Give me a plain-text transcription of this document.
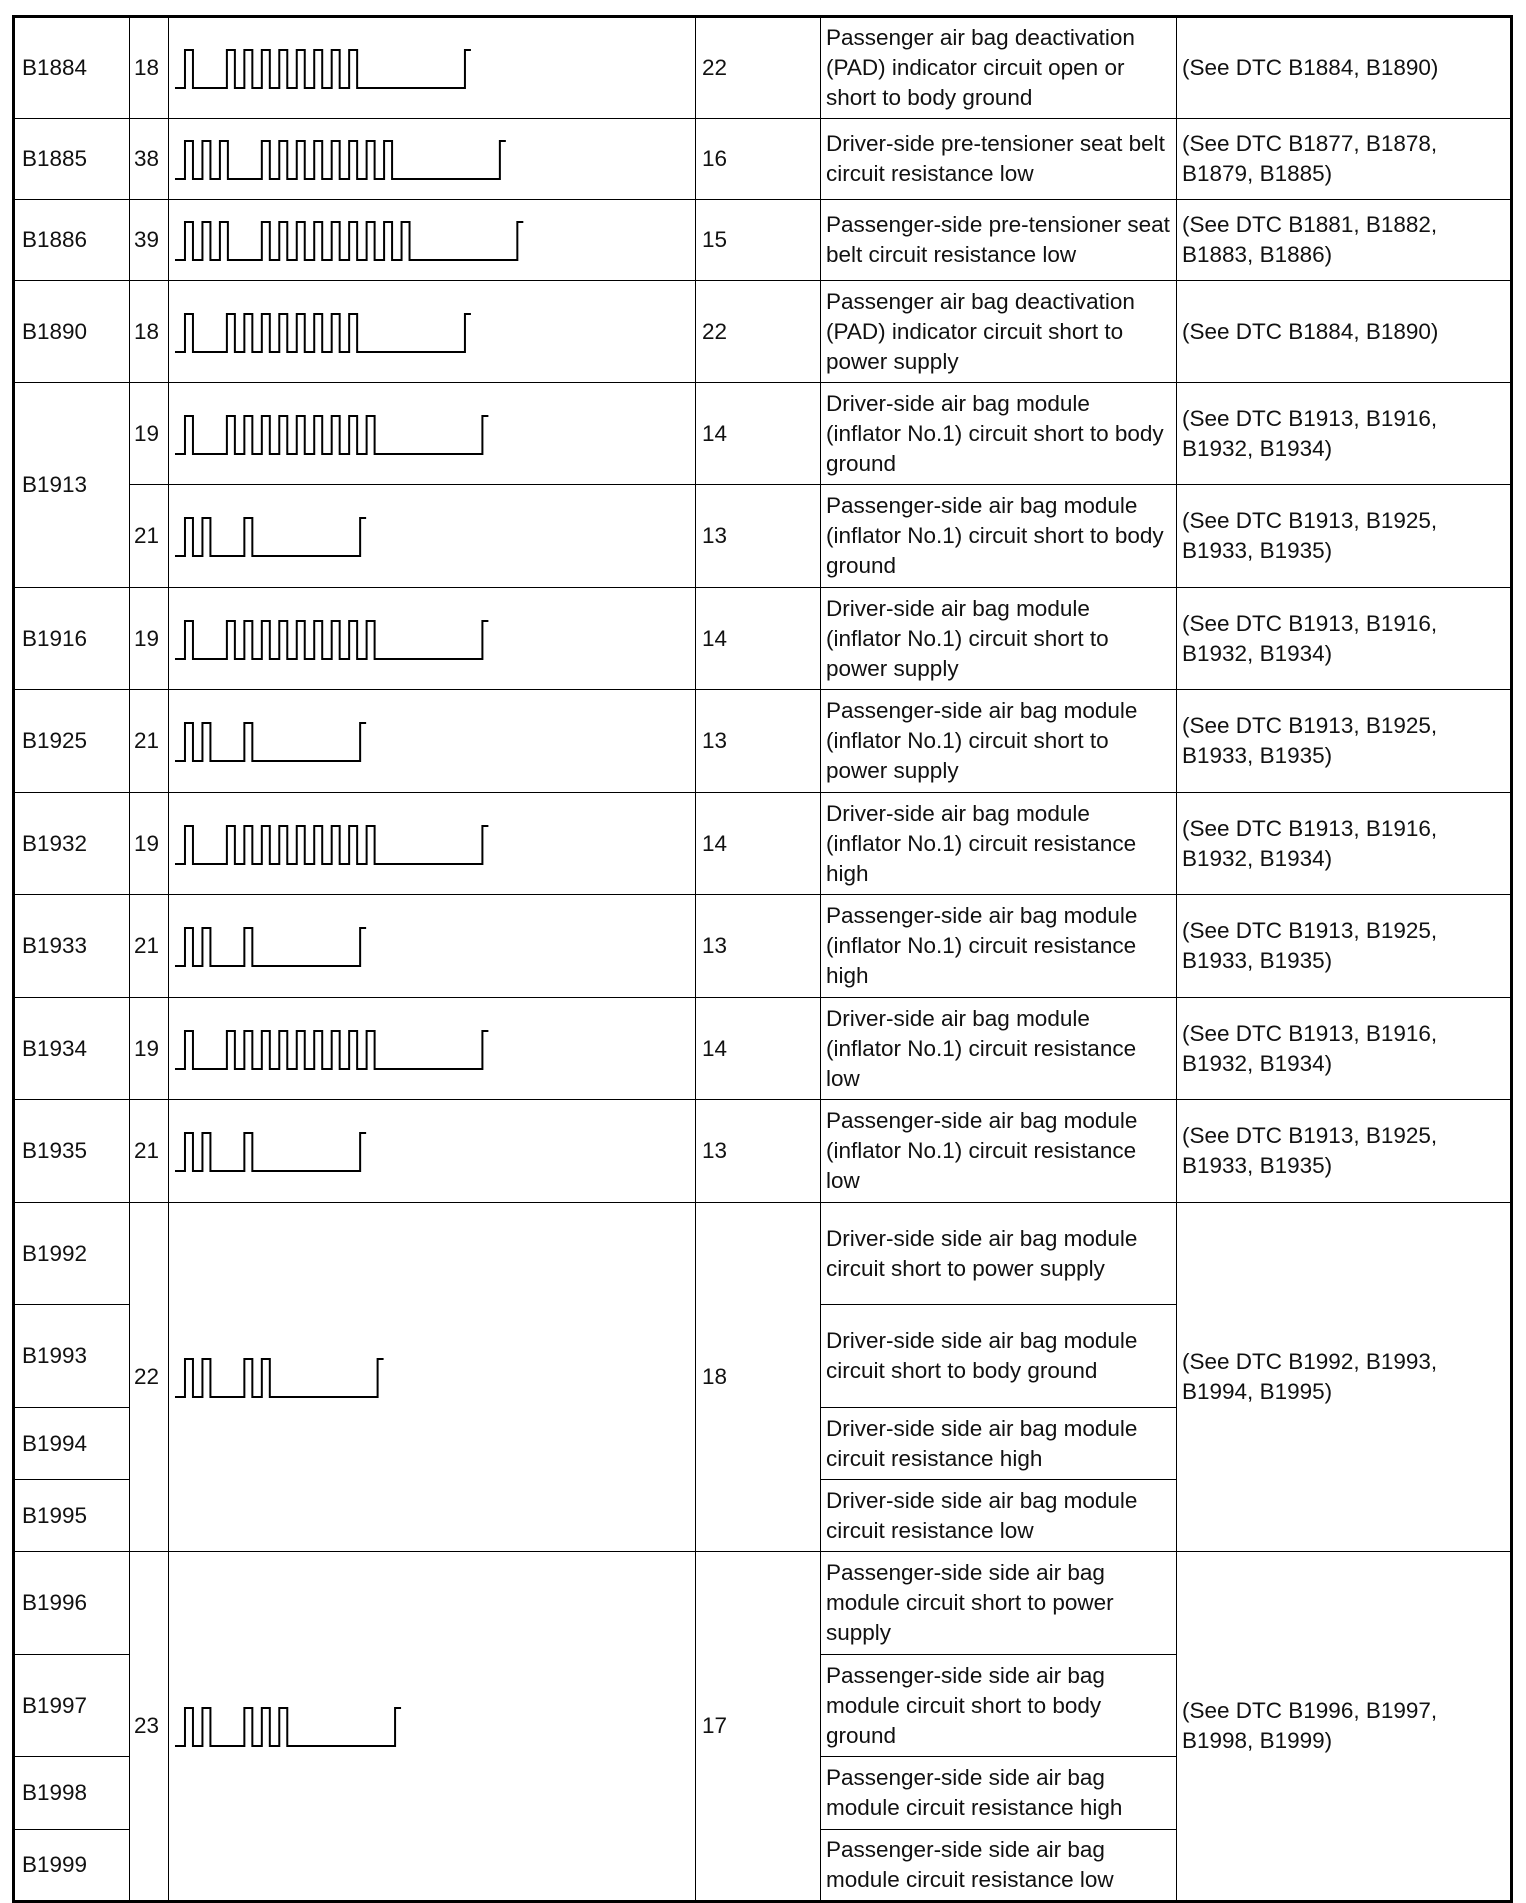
B1884	18		22	Passenger air bag deactivation (PAD) indicator circuit open or short to body ground	(See DTC B1884, B1890)
B1885	38		16	Driver-side pre-tensioner seat belt circuit resistance low	(See DTC B1877, B1878, B1879, B1885)
B1886	39		15	Passenger-side pre-tensioner seat belt circuit resistance low	(See DTC B1881, B1882, B1883, B1886)
B1890	18		22	Passenger air bag deactivation (PAD) indicator circuit short to power supply	(See DTC B1884, B1890)
B1913	19		14	Driver-side air bag module (inflator No.1) circuit short to body ground	(See DTC B1913, B1916, B1932, B1934)
	21		13	Passenger-side air bag module (inflator No.1) circuit short to body ground	(See DTC B1913, B1925, B1933, B1935)
B1916	19		14	Driver-side air bag module (inflator No.1) circuit short to power supply	(See DTC B1913, B1916, B1932, B1934)
B1925	21		13	Passenger-side air bag module (inflator No.1) circuit short to power supply	(See DTC B1913, B1925, B1933, B1935)
B1932	19		14	Driver-side air bag module (inflator No.1) circuit resistance high	(See DTC B1913, B1916, B1932, B1934)
B1933	21		13	Passenger-side air bag module (inflator No.1) circuit resistance high	(See DTC B1913, B1925, B1933, B1935)
B1934	19		14	Driver-side air bag module (inflator No.1) circuit resistance low	(See DTC B1913, B1916, B1932, B1934)
B1935	21		13	Passenger-side air bag module (inflator No.1) circuit resistance low	(See DTC B1913, B1925, B1933, B1935)
B1992	22		18	Driver-side side air bag module circuit short to power supply	(See DTC B1992, B1993, B1994, B1995)
B1993				Driver-side side air bag module circuit short to body ground	
B1994				Driver-side side air bag module circuit resistance high	
B1995				Driver-side side air bag module circuit resistance low	
B1996	23		17	Passenger-side side air bag module circuit short to power supply	(See DTC B1996, B1997, B1998, B1999)
B1997				Passenger-side side air bag module circuit short to body ground	
B1998				Passenger-side side air bag module circuit resistance high	
B1999				Passenger-side side air bag module circuit resistance low	
